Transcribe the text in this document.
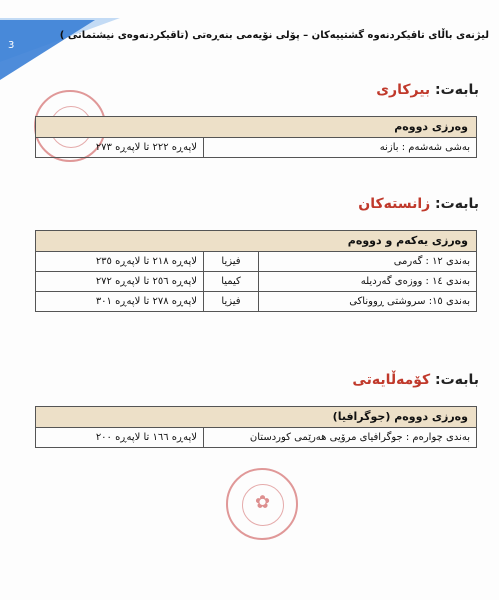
3
لیژنەی باڵای تاقیکردنەوە گشتییەکان – پۆلی نۆیەمی بنەڕەتی (تاقیکردنەوەی نیشتمانی )
بابەت: بیرکاری
وەرزی دووەم
بەشی شەشەم : بازنە
لاپەڕە ٢٢٢ تا لاپەڕە ٢٧٣
بابەت: زانستەکان
وەرزی یەکەم و دووەم
بەندی ١٢ : گەرمی
فیزیا
لاپەڕە ٢١٨ تا لاپەڕە ٢٣٥
بەندی ١٤ : ووزەی گەردیلە
کیمیا
لاپەڕە ٢٥٦ تا لاپەڕە ٢٧٢
بەندی ١٥: سروشتی ڕووناکی
فیزیا
لاپەڕە ٢٧٨ تا لاپەڕە ٣٠١
بابەت: کۆمەڵایەتی
وەرزی دووەم (جوگرافیا)
بەندی چوارەم : جوگرافیای مرۆیی هەرێمی کوردستان
لاپەڕە ١٦٦ تا لاپەڕە ٢٠٠
✿
